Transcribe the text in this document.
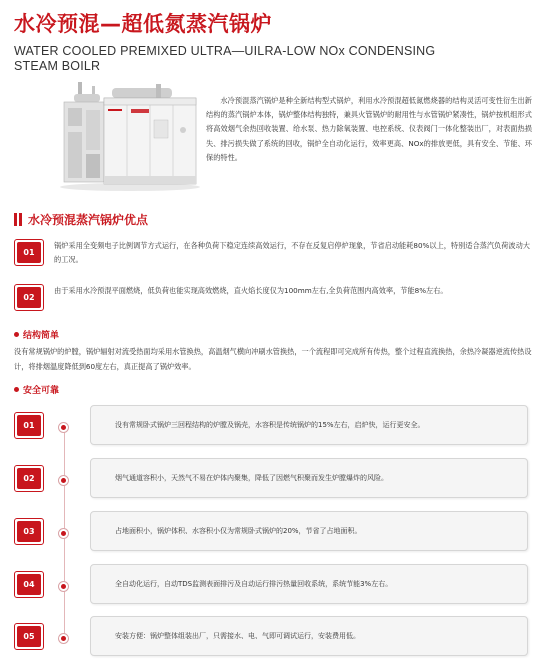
水冷预混—超低氮蒸汽锅炉
WATER COOLED PREMIXED ULTRA—UILRA-LOW NOx CONDENSING
STEAM BOILR
水冷预混蒸汽锅炉是种全新结构型式锅炉，利用水冷预混超低氮燃烧器的结构灵活可变性衍生出新结构的蒸汽锅炉本体，锅炉整体结构独特，兼具火管锅炉的耐用性与水管锅炉紧凑性，锅炉按机组形式将高效烟气余热回收装置、给水泵、热力除氧装置、电控系统、仪表阀门一体化整装出厂，对表面热损失、排污损失做了系统的回收，锅炉全自动化运行，效率更高、NOx的排放更低，具有安全、节能、环保的特性。
水冷预混蒸汽锅炉优点
01
锅炉采用全变频电子比例调节方式运行，在各种负荷下稳定连续高效运行，不存在反复启停炉现象，节省启动能耗80%以上，特别适合蒸汽负荷波动大的工况。
02
由于采用水冷预混平面燃烧，低负荷也能实现高效燃烧，直火焰长度仅为100mm左右,全负荷范围内高效率，节能8%左右。
结构简单
没有常规锅炉的炉膛，锅炉辐射对流受热面均采用水管换热，高温烟气横向冲刷水管换热，一个流程即可完成所有传热，整个过程直流换热，余热冷凝器逆流传热设计，将排烟温度降低到60度左右，真正提高了锅炉效率。
安全可靠
01	没有常规卧式锅炉三回程结构的炉膛及锅壳，水容积是传统锅炉的15%左右，启炉快，运行更安全。
02	烟气通道容积小，天然气不易在炉体内聚集，降低了因燃气积聚而发生炉膛爆炸的风险。
03	占地面积小，锅炉体积、水容积小仅为常规卧式锅炉的20%，节省了占地面积。
04	全自动化运行，自动TDS监测表面排污及自动运行排污热量回收系统，系统节能3%左右。
05	安装方便：锅炉整体组装出厂，只需接水、电、气即可调试运行，安装费用低。
